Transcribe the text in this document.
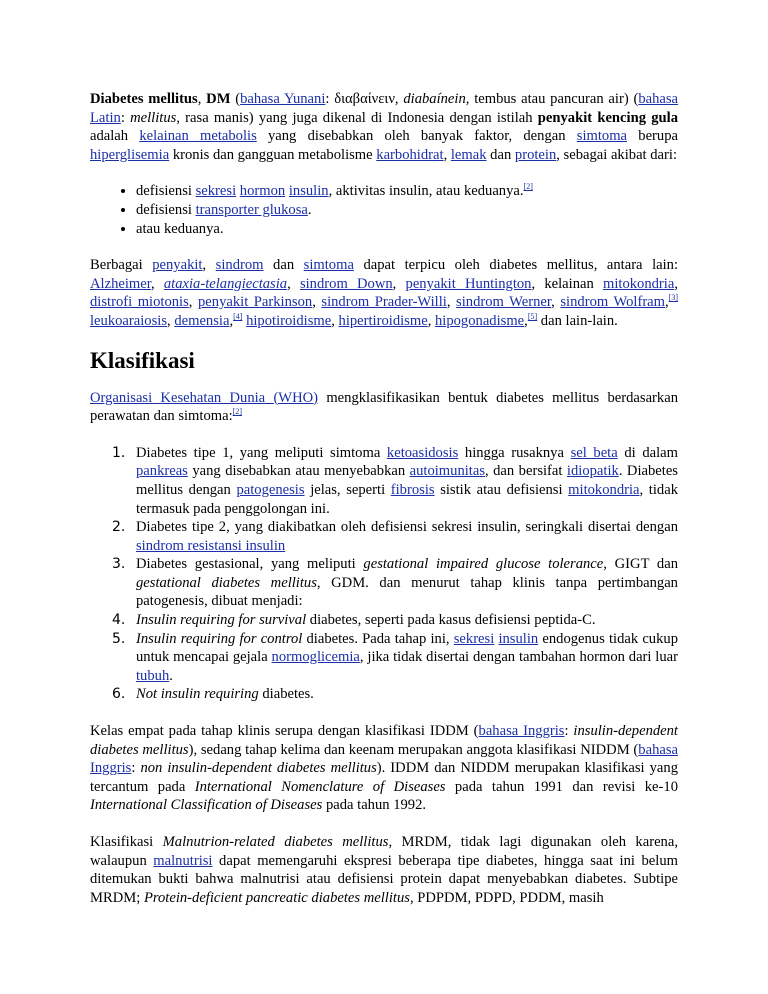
Diabetes mellitus, DM (bahasa Yunani: διαβαίνειν, diabaínein, tembus atau pancuran air) (bahasa Latin: mellitus, rasa manis) yang juga dikenal di Indonesia dengan istilah penyakit kencing gula adalah kelainan metabolis yang disebabkan oleh banyak faktor, dengan simtoma berupa hiperglisemia kronis dan gangguan metabolisme karbohidrat, lemak dan protein, sebagai akibat dari:

• defisiensi sekresi hormon insulin, aktivitas insulin, atau keduanya.[2]
• defisiensi transporter glukosa.
• atau keduanya.

Berbagai penyakit, sindrom dan simtoma dapat terpicu oleh diabetes mellitus, antara lain: Alzheimer, ataxia-telangiectasia, sindrom Down, penyakit Huntington, kelainan mitokondria, distrofi miotonis, penyakit Parkinson, sindrom Prader-Willi, sindrom Werner, sindrom Wolfram,[3] leukoaraiosis, demensia,[4] hipotiroidisme, hipertiroidisme, hipogonadisme,[5] dan lain-lain.

Klasifikasi

Organisasi Kesehatan Dunia (WHO) mengklasifikasikan bentuk diabetes mellitus berdasarkan perawatan dan simtoma:[2]

1. Diabetes tipe 1, yang meliputi simtoma ketoasidosis hingga rusaknya sel beta di dalam pankreas yang disebabkan atau menyebabkan autoimunitas, dan bersifat idiopatik. Diabetes mellitus dengan patogenesis jelas, seperti fibrosis sistik atau defisiensi mitokondria, tidak termasuk pada penggolongan ini.
2. Diabetes tipe 2, yang diakibatkan oleh defisiensi sekresi insulin, seringkali disertai dengan sindrom resistansi insulin
3. Diabetes gestasional, yang meliputi gestational impaired glucose tolerance, GIGT dan gestational diabetes mellitus, GDM. dan menurut tahap klinis tanpa pertimbangan patogenesis, dibuat menjadi:
4. Insulin requiring for survival diabetes, seperti pada kasus defisiensi peptida-C.
5. Insulin requiring for control diabetes. Pada tahap ini, sekresi insulin endogenus tidak cukup untuk mencapai gejala normoglicemia, jika tidak disertai dengan tambahan hormon dari luar tubuh.
6. Not insulin requiring diabetes.

Kelas empat pada tahap klinis serupa dengan klasifikasi IDDM (bahasa Inggris: insulin-dependent diabetes mellitus), sedang tahap kelima dan keenam merupakan anggota klasifikasi NIDDM (bahasa Inggris: non insulin-dependent diabetes mellitus). IDDM dan NIDDM merupakan klasifikasi yang tercantum pada International Nomenclature of Diseases pada tahun 1991 dan revisi ke-10 International Classification of Diseases pada tahun 1992.

Klasifikasi Malnutrion-related diabetes mellitus, MRDM, tidak lagi digunakan oleh karena, walaupun malnutrisi dapat memengaruhi ekspresi beberapa tipe diabetes, hingga saat ini belum ditemukan bukti bahwa malnutrisi atau defisiensi protein dapat menyebabkan diabetes. Subtipe MRDM; Protein-deficient pancreatic diabetes mellitus, PDPDM, PDPD, PDDM, masih
